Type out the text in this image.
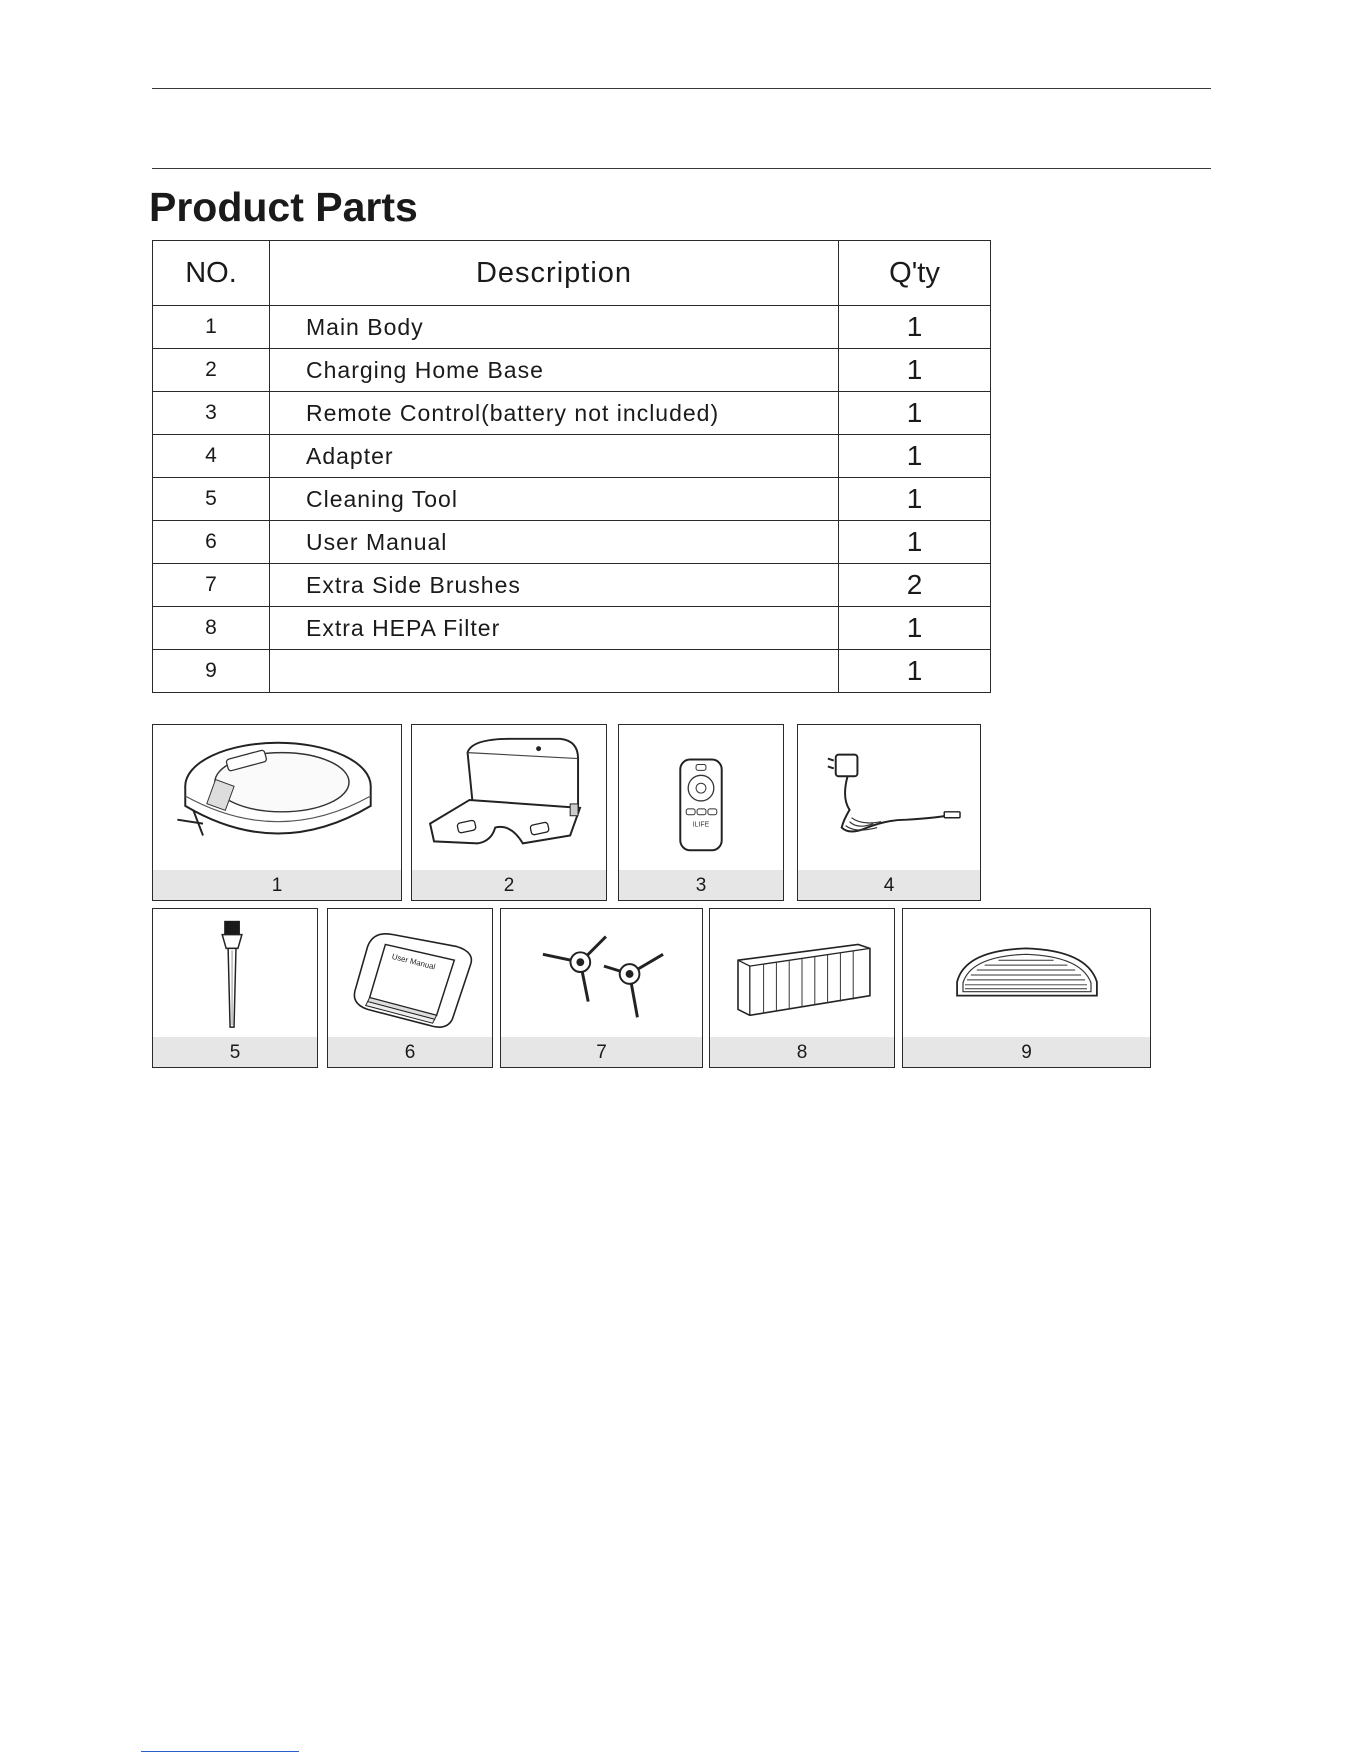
Product Parts
NO.	Description	Q'ty
1	Main Body	1
2	Charging Home Base	1
3	Remote Control(battery not included)	1
4	Adapter	1
5	Cleaning Tool	1
6	User Manual	1
7	Extra Side Brushes	2
8	Extra HEPA Filter	1
9		1
1	2
ILIFE
3	4
5
User Manual
6	7	8	9
